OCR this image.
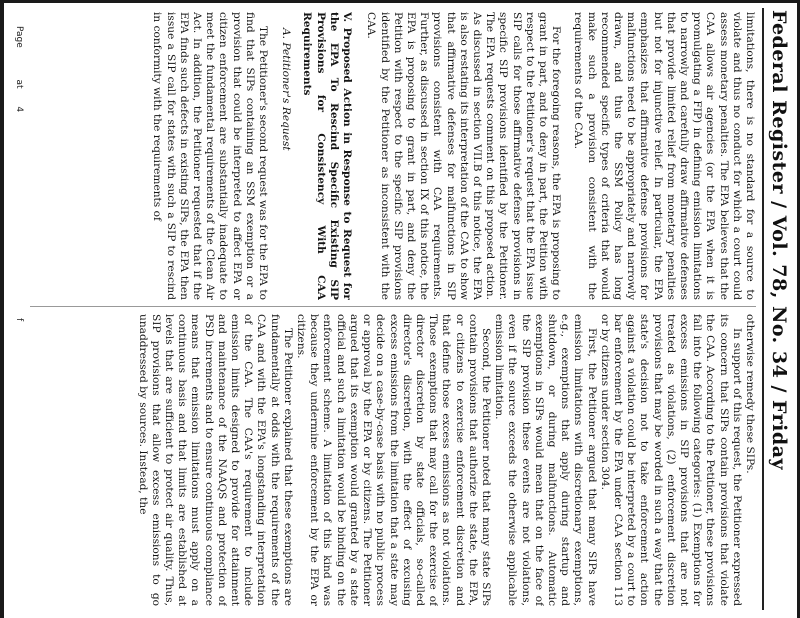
Federal Register / Vol. 78, No. 34 / Friday

limitations, there is no standard for a source to violate and thus no conduct for which a court could assess monetary penalties. The EPA believes that the CAA allows air agencies (or the EPA when it is promulgating a FIP) in defining emission limitations to narrowly and carefully draw affirmative defenses that provide limited relief from monetary penalties but not for injunctive relief. In particular, the EPA emphasizes that affirmative defense provisions for malfunctions need to be appropriately and narrowly drawn, and thus the SSM Policy has long recommended specific types of criteria that would make such a provision consistent with the requirements of the CAA.

For the foregoing reasons, the EPA is proposing to grant in part, and to deny in part, the Petition with respect to the Petitioner's request that the EPA issue SIP calls for those affirmative defense provisions in specific SIP provisions identified by the Petitioner. The EPA requests comment on this proposed action. As discussed in section VII.B of this notice, the EPA is also restating its interpretation of the CAA to show that affirmative defenses for malfunctions in SIP provisions consistent with CAA requirements. Further, as discussed in section IX of this notice, the EPA is proposing to grant in part, and deny the Petition with respect to the specific SIP provisions identified by the Petitioner as inconsistent with the CAA.

V. Proposed Action in Response to Request for the EPA To Rescind Specific Existing SIP Provisions for Consistency With CAA Requirements
A. Petitioner's Request

The Petitioner's second request was for the EPA to find that SIPs containing an SSM exemption or a provision that could be interpreted to affect EPA or citizen enforcement are substantially inadequate to meet the fundamental requirements of the Clean Air Act. In addition, the Petitioner requested that if the EPA finds such defects in existing SIPs, the EPA then issue a SIP call for states with such a SIP to rescind in conformity with the requirements of

otherwise remedy these SIPs.

In support of this request, the Petitioner expressed its concern that SIPs contain provisions that violate the CAA. According to the Petitioner, these provisions fall into the following categories: (1) Exemptions for excess emissions in SIP provisions that are not treated as violations, (2) enforcement discretion provisions that may be worded in such a way that the state's decision not to take enforcement action against a violation could be interpreted by a court to bar enforcement by the EPA under CAA section 113 or by citizens under section 304.

First, the Petitioner argued that many SIPs have emission limitations with discretionary exemptions, e.g., exemptions that apply during startup and shutdown, or during malfunctions. Automatic exemptions in SIPs would mean that on the face of the SIP provision these events are not violations, even if the source exceeds the otherwise applicable emission limitation.

Second, the Petitioner noted that many state SIPs contain provisions that authorize the state, the EPA, or citizens to exercise enforcement discretion and that define those excess emissions as not violations. Those exemptions that may call for the exercise of director discretion by state officials, so-called director's discretion, with the effect of excusing excess emissions from the limitation that a state may decide on a case-by-case basis with no public process or approval by the EPA or by citizens. The Petitioner argued that its exemption would granted by a state official and such a limitation would be binding on the enforcement scheme. A limitation of this kind was because they undermine enforcement by the EPA or citizens.

The Petitioner explained that these exemptions are fundamentally at odds with the requirements of the CAA and with the EPA's longstanding interpretation of the CAA. The CAA's requirement to include emission limits designed to provide for attainment and maintenance of the NAAQS and protection of PSD increments and to ensure continuous compliance means that emission limitations must apply on a continuous basis and that limits are established at levels that are sufficient to protect air quality. Thus, SIP provisions that allow excess emissions to go unaddressed by sources. Instead, the

Page  at  4
f
